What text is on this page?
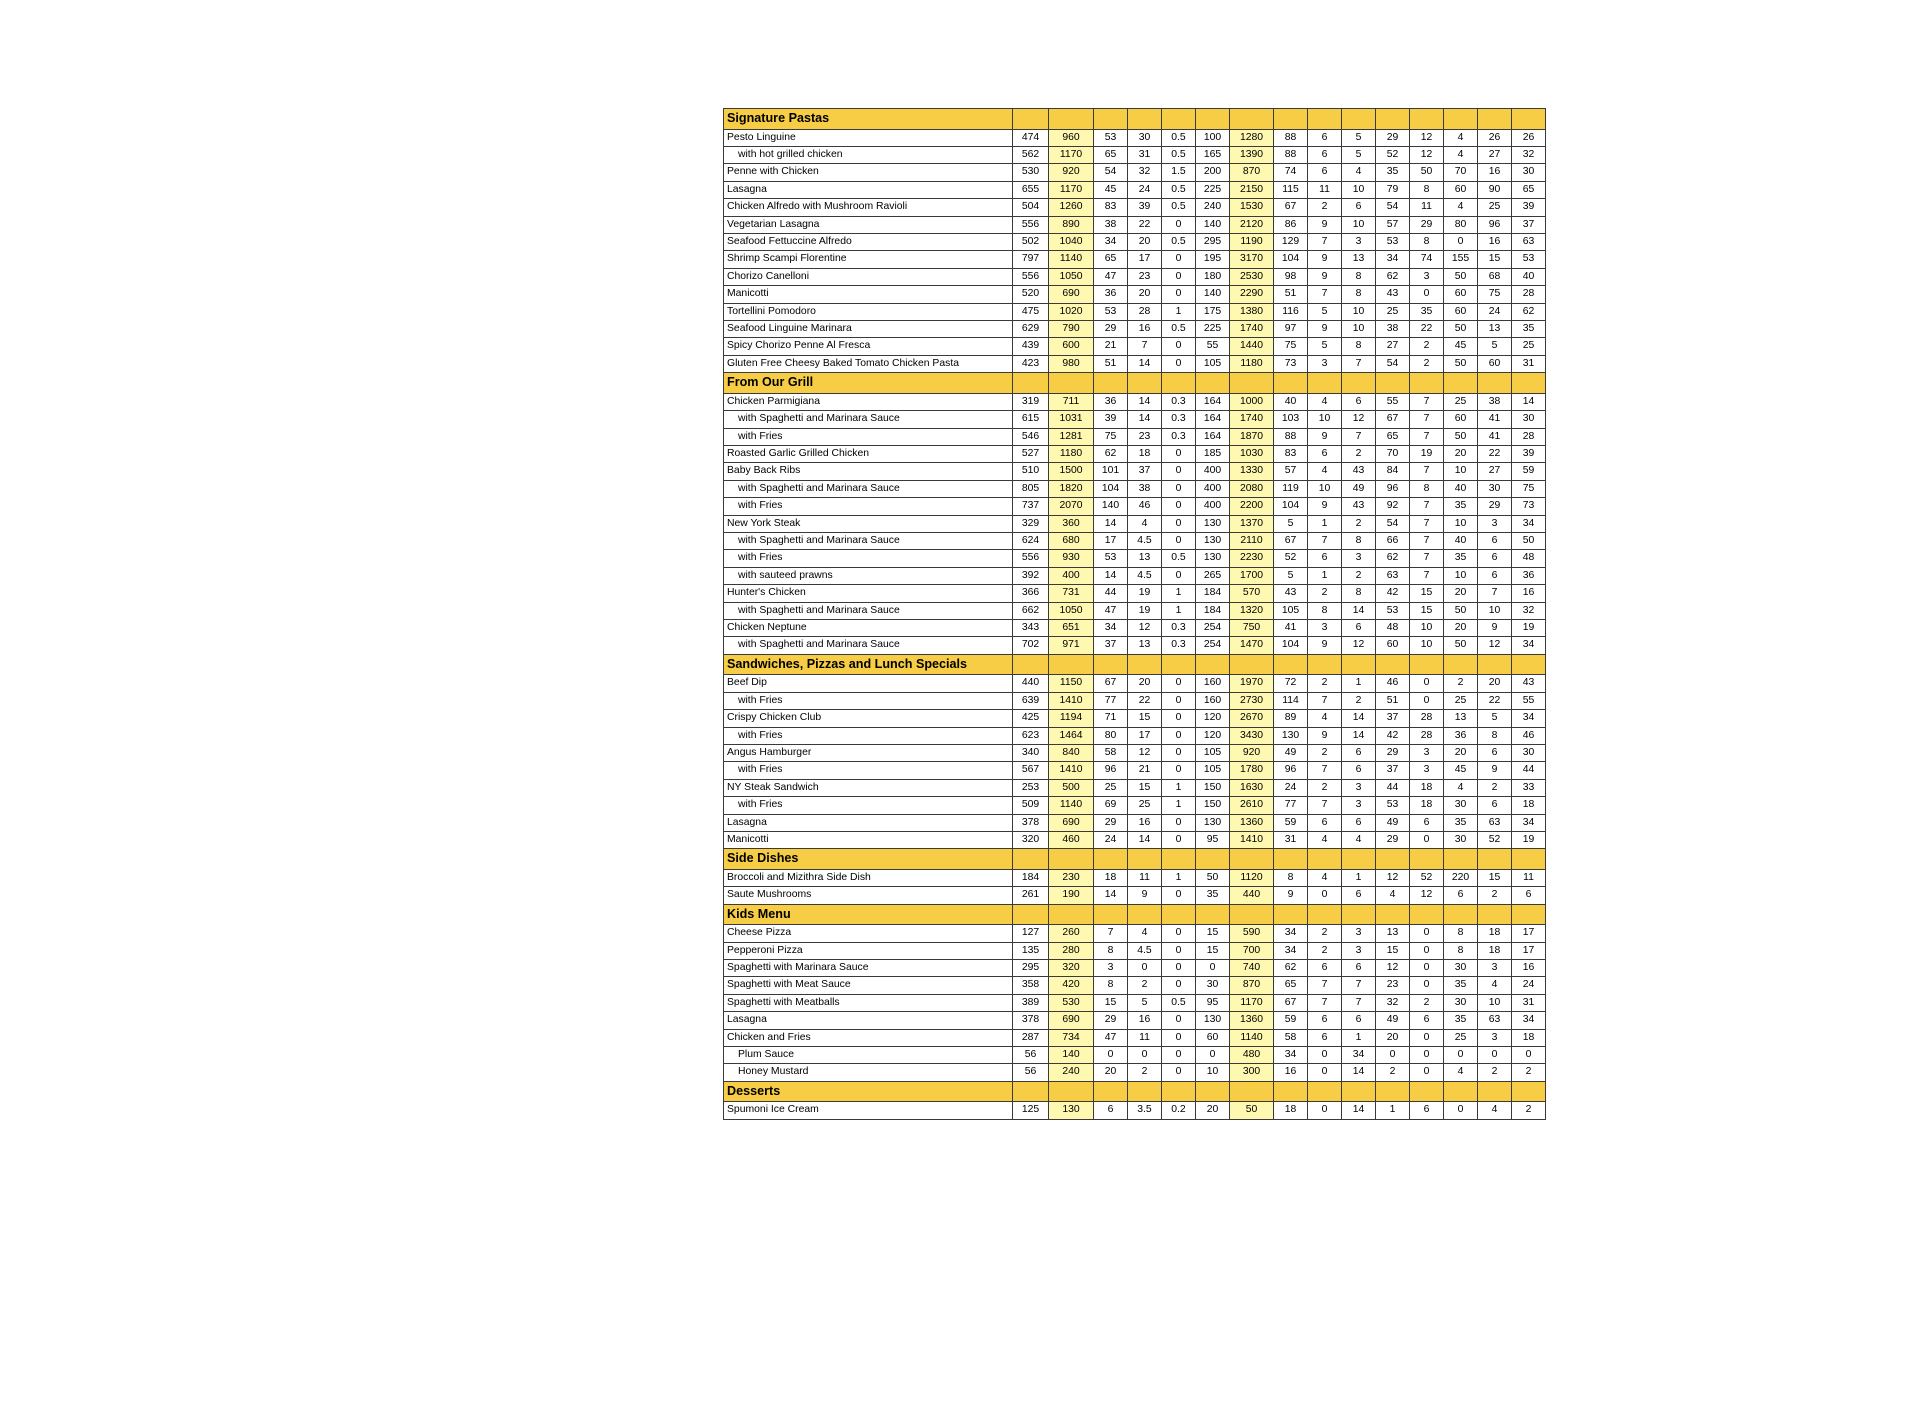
Signature Pastas															
Pesto Linguine	474	960	53	30	0.5	100	1280	88	6	5	29	12	4	26	26
with hot grilled chicken	562	1170	65	31	0.5	165	1390	88	6	5	52	12	4	27	32
Penne with Chicken	530	920	54	32	1.5	200	870	74	6	4	35	50	70	16	30
Lasagna	655	1170	45	24	0.5	225	2150	115	11	10	79	8	60	90	65
Chicken Alfredo with Mushroom Ravioli	504	1260	83	39	0.5	240	1530	67	2	6	54	11	4	25	39
Vegetarian Lasagna	556	890	38	22	0	140	2120	86	9	10	57	29	80	96	37
Seafood Fettuccine Alfredo	502	1040	34	20	0.5	295	1190	129	7	3	53	8	0	16	63
Shrimp Scampi Florentine	797	1140	65	17	0	195	3170	104	9	13	34	74	155	15	53
Chorizo Canelloni	556	1050	47	23	0	180	2530	98	9	8	62	3	50	68	40
Manicotti	520	690	36	20	0	140	2290	51	7	8	43	0	60	75	28
Tortellini Pomodoro	475	1020	53	28	1	175	1380	116	5	10	25	35	60	24	62
Seafood Linguine Marinara	629	790	29	16	0.5	225	1740	97	9	10	38	22	50	13	35
Spicy Chorizo Penne Al Fresca	439	600	21	7	0	55	1440	75	5	8	27	2	45	5	25
Gluten Free Cheesy Baked Tomato Chicken Pasta	423	980	51	14	0	105	1180	73	3	7	54	2	50	60	31
From Our Grill															
Chicken Parmigiana	319	711	36	14	0.3	164	1000	40	4	6	55	7	25	38	14
with Spaghetti and Marinara Sauce	615	1031	39	14	0.3	164	1740	103	10	12	67	7	60	41	30
with Fries	546	1281	75	23	0.3	164	1870	88	9	7	65	7	50	41	28
Roasted Garlic Grilled Chicken	527	1180	62	18	0	185	1030	83	6	2	70	19	20	22	39
Baby Back Ribs	510	1500	101	37	0	400	1330	57	4	43	84	7	10	27	59
with Spaghetti and Marinara Sauce	805	1820	104	38	0	400	2080	119	10	49	96	8	40	30	75
with Fries	737	2070	140	46	0	400	2200	104	9	43	92	7	35	29	73
New York Steak	329	360	14	4	0	130	1370	5	1	2	54	7	10	3	34
with Spaghetti and Marinara Sauce	624	680	17	4.5	0	130	2110	67	7	8	66	7	40	6	50
with Fries	556	930	53	13	0.5	130	2230	52	6	3	62	7	35	6	48
with sauteed prawns	392	400	14	4.5	0	265	1700	5	1	2	63	7	10	6	36
Hunter's Chicken	366	731	44	19	1	184	570	43	2	8	42	15	20	7	16
with Spaghetti and Marinara Sauce	662	1050	47	19	1	184	1320	105	8	14	53	15	50	10	32
Chicken Neptune	343	651	34	12	0.3	254	750	41	3	6	48	10	20	9	19
with Spaghetti and Marinara Sauce	702	971	37	13	0.3	254	1470	104	9	12	60	10	50	12	34
Sandwiches, Pizzas and Lunch Specials															
Beef Dip	440	1150	67	20	0	160	1970	72	2	1	46	0	2	20	43
with Fries	639	1410	77	22	0	160	2730	114	7	2	51	0	25	22	55
Crispy Chicken Club	425	1194	71	15	0	120	2670	89	4	14	37	28	13	5	34
with Fries	623	1464	80	17	0	120	3430	130	9	14	42	28	36	8	46
Angus Hamburger	340	840	58	12	0	105	920	49	2	6	29	3	20	6	30
with Fries	567	1410	96	21	0	105	1780	96	7	6	37	3	45	9	44
NY Steak Sandwich	253	500	25	15	1	150	1630	24	2	3	44	18	4	2	33
with Fries	509	1140	69	25	1	150	2610	77	7	3	53	18	30	6	18
Lasagna	378	690	29	16	0	130	1360	59	6	6	49	6	35	63	34
Manicotti	320	460	24	14	0	95	1410	31	4	4	29	0	30	52	19
Side Dishes															
Broccoli and Mizithra Side Dish	184	230	18	11	1	50	1120	8	4	1	12	52	220	15	11
Saute Mushrooms	261	190	14	9	0	35	440	9	0	6	4	12	6	2	6
Kids Menu															
Cheese Pizza	127	260	7	4	0	15	590	34	2	3	13	0	8	18	17
Pepperoni Pizza	135	280	8	4.5	0	15	700	34	2	3	15	0	8	18	17
Spaghetti with Marinara Sauce	295	320	3	0	0	0	740	62	6	6	12	0	30	3	16
Spaghetti with Meat Sauce	358	420	8	2	0	30	870	65	7	7	23	0	35	4	24
Spaghetti with Meatballs	389	530	15	5	0.5	95	1170	67	7	7	32	2	30	10	31
Lasagna	378	690	29	16	0	130	1360	59	6	6	49	6	35	63	34
Chicken and Fries	287	734	47	11	0	60	1140	58	6	1	20	0	25	3	18
Plum Sauce	56	140	0	0	0	0	480	34	0	34	0	0	0	0	0
Honey Mustard	56	240	20	2	0	10	300	16	0	14	2	0	4	2	2
Desserts															
Spumoni Ice Cream	125	130	6	3.5	0.2	20	50	18	0	14	1	6	0	4	2
